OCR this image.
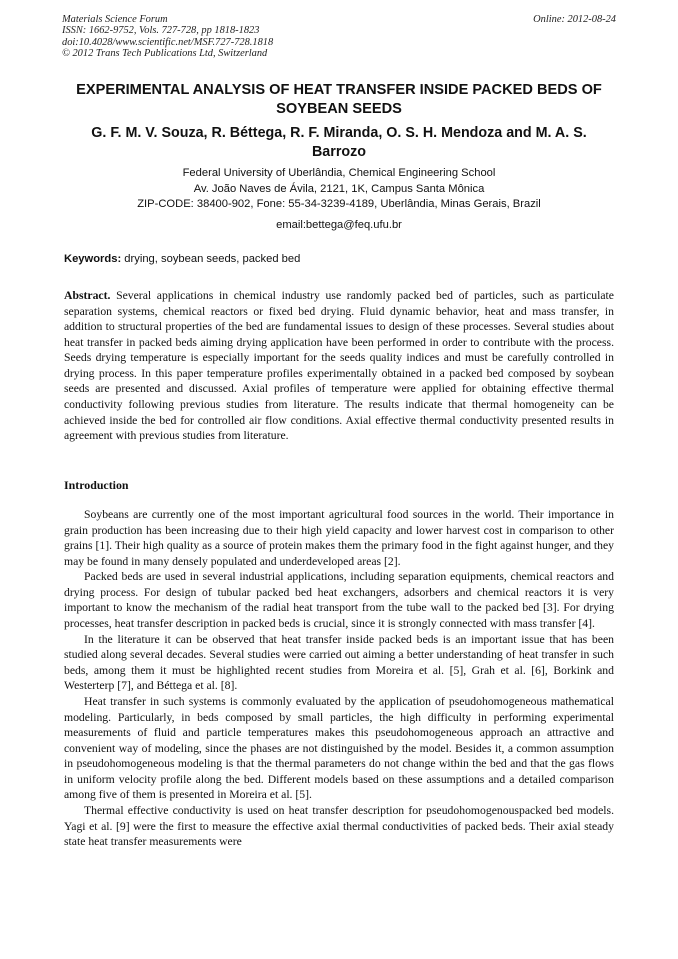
Materials Science Forum
ISSN: 1662-9752, Vols. 727-728, pp 1818-1823
doi:10.4028/www.scientific.net/MSF.727-728.1818
© 2012 Trans Tech Publications Ltd, Switzerland
Online: 2012-08-24
EXPERIMENTAL ANALYSIS OF HEAT TRANSFER INSIDE PACKED BEDS OF SOYBEAN SEEDS
G. F. M. V. Souza, R. Béttega, R. F. Miranda, O. S. H. Mendoza and M. A. S. Barrozo
Federal University of Uberlândia, Chemical Engineering School
Av. João Naves de Ávila, 2121, 1K, Campus Santa Mônica
ZIP-CODE: 38400-902, Fone: 55-34-3239-4189, Uberlândia, Minas Gerais, Brazil
email:bettega@feq.ufu.br
Keywords: drying, soybean seeds, packed bed

Abstract. Several applications in chemical industry use randomly packed bed of particles, such as particulate separation systems, chemical reactors or fixed bed drying. Fluid dynamic behavior, heat and mass transfer, in addition to structural properties of the bed are fundamental issues to design of these processes. Several studies about heat transfer in packed beds aiming drying application have been performed in order to contribute with the process. Seeds drying temperature is especially important for the seeds quality indices and must be carefully controlled in drying process. In this paper temperature profiles experimentally obtained in a packed bed composed by soybean seeds are presented and discussed. Axial profiles of temperature were applied for obtaining effective thermal conductivity following previous studies from literature. The results indicate that thermal homogeneity can be achieved inside the bed for controlled air flow conditions. Axial effective thermal conductivity presented results in agreement with previous studies from literature.

Introduction

Soybeans are currently one of the most important agricultural food sources in the world. Their importance in grain production has been increasing due to their high yield capacity and lower harvest cost in comparison to other grains [1]. Their high quality as a source of protein makes them the primary food in the fight against hunger, and they may be found in many densely populated and underdeveloped areas [2].

Packed beds are used in several industrial applications, including separation equipments, chemical reactors and drying process. For design of tubular packed bed heat exchangers, adsorbers and chemical reactors it is very important to know the mechanism of the radial heat transport from the tube wall to the packed bed [3]. For drying processes, heat transfer description in packed beds is crucial, since it is strongly connected with mass transfer [4].

In the literature it can be observed that heat transfer inside packed beds is an important issue that has been studied along several decades. Several studies were carried out aiming a better understanding of heat transfer in such beds, among them it must be highlighted recent studies from Moreira et al. [5], Grah et al. [6], Borkink and Westerterp [7], and Béttega et al. [8].

Heat transfer in such systems is commonly evaluated by the application of pseudohomogeneous mathematical modeling. Particularly, in beds composed by small particles, the high difficulty in performing experimental measurements of fluid and particle temperatures makes this pseudohomogeneous approach an attractive and convenient way of modeling, since the phases are not distinguished by the model. Besides it, a common assumption in pseudohomogeneous modeling is that the thermal parameters do not change within the bed and that the gas flows in uniform velocity profile along the bed. Different models based on these assumptions and a detailed comparison among five of them is presented in Moreira et al. [5].

Thermal effective conductivity is used on heat transfer description for pseudohomogenouspacked bed models. Yagi et al. [9] were the first to measure the effective axial thermal conductivities of packed beds. Their axial steady state heat transfer measurements were
